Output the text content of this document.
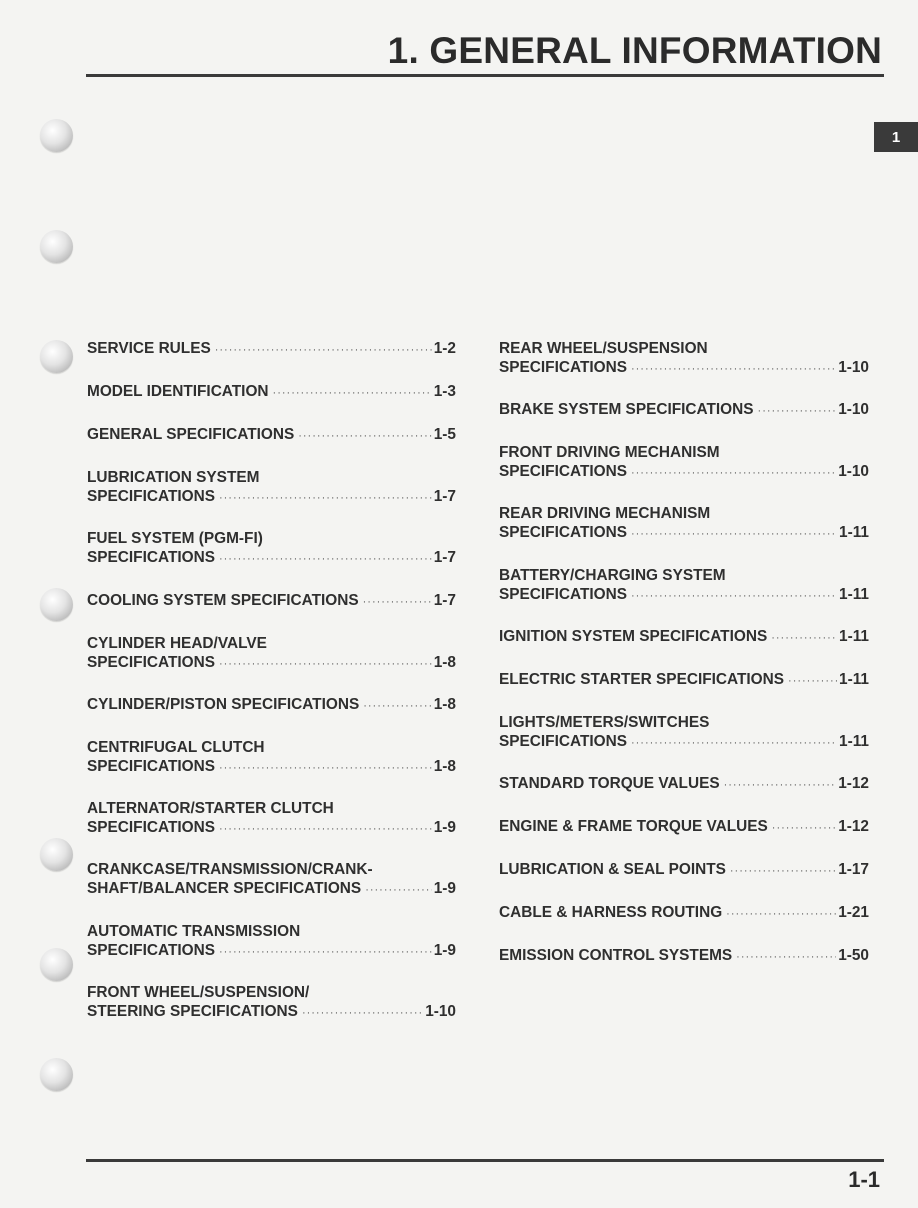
1. GENERAL INFORMATION
1
SERVICE RULES ·····	1-2
MODEL IDENTIFICATION ·····	1-3
GENERAL SPECIFICATIONS ·····	1-5
LUBRICATION SYSTEM
SPECIFICATIONS ·····	1-7
FUEL SYSTEM (PGM-FI)
SPECIFICATIONS ·····	1-7
COOLING SYSTEM SPECIFICATIONS ·····	1-7
CYLINDER HEAD/VALVE
SPECIFICATIONS ·····	1-8
CYLINDER/PISTON SPECIFICATIONS ·····	1-8
CENTRIFUGAL CLUTCH
SPECIFICATIONS ·····	1-8
ALTERNATOR/STARTER CLUTCH
SPECIFICATIONS ·····	1-9
CRANKCASE/TRANSMISSION/CRANK-
SHAFT/BALANCER SPECIFICATIONS ·····	1-9
AUTOMATIC TRANSMISSION
SPECIFICATIONS ·····	1-9
FRONT WHEEL/SUSPENSION/
STEERING SPECIFICATIONS ·····	1-10
REAR WHEEL/SUSPENSION
SPECIFICATIONS ·····	1-10
BRAKE SYSTEM SPECIFICATIONS ·····	1-10
FRONT DRIVING MECHANISM
SPECIFICATIONS ·····	1-10
REAR DRIVING MECHANISM
SPECIFICATIONS ·····	1-11
BATTERY/CHARGING SYSTEM
SPECIFICATIONS ·····	1-11
IGNITION SYSTEM SPECIFICATIONS ·····	1-11
ELECTRIC STARTER SPECIFICATIONS ·····	1-11
LIGHTS/METERS/SWITCHES
SPECIFICATIONS ·····	1-11
STANDARD TORQUE VALUES ·····	1-12
ENGINE & FRAME TORQUE VALUES ·····	1-12
LUBRICATION & SEAL POINTS ·····	1-17
CABLE & HARNESS ROUTING ·····	1-21
EMISSION CONTROL SYSTEMS ·····	1-50
1-1
